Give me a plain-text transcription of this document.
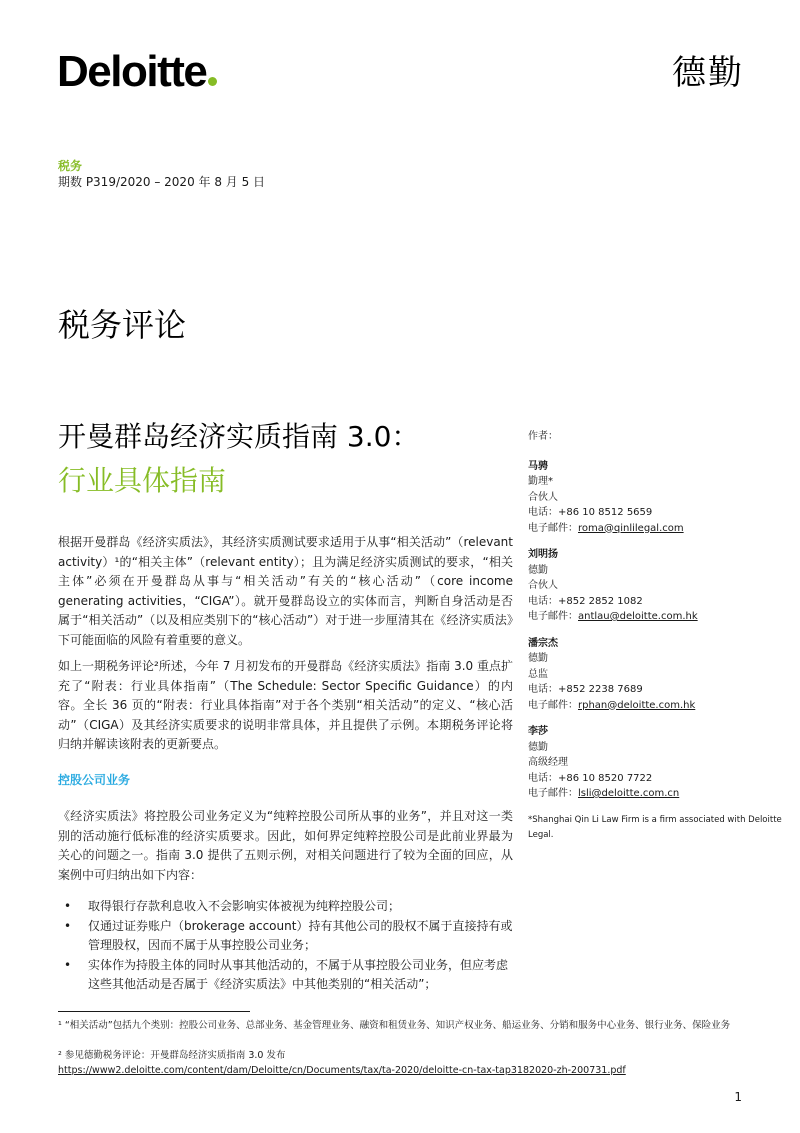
Deloitte	德勤
税务
期数 P319/2020 – 2020 年 8 月 5 日
税务评论
开曼群岛经济实质指南 3.0：
行业具体指南
根据开曼群岛《经济实质法》，其经济实质测试要求适用于从事“相关活动”（relevant activity）¹的“相关主体”（relevant entity）；且为满足经济实质测试的要求，“相关主体”必须在开曼群岛从事与“相关活动”有关的“核心活动”（core income generating activities，“CIGA”）。就开曼群岛设立的实体而言，判断自身活动是否属于“相关活动”（以及相应类别下的“核心活动”）对于进一步厘清其在《经济实质法》下可能面临的风险有着重要的意义。
如上一期税务评论²所述，今年 7 月初发布的开曼群岛《经济实质法》指南 3.0 重点扩充了“附表：行业具体指南”（The Schedule: Sector Specific Guidance）的内容。全长 36 页的“附表：行业具体指南”对于各个类别“相关活动”的定义、“核心活动”（CIGA）及其经济实质要求的说明非常具体，并且提供了示例。本期税务评论将归纳并解读该附表的更新要点。
控股公司业务
《经济实质法》将控股公司业务定义为“纯粹控股公司所从事的业务”，并且对这一类别的活动施行低标准的经济实质要求。因此，如何界定纯粹控股公司是此前业界最为关心的问题之一。指南 3.0 提供了五则示例，对相关问题进行了较为全面的回应，从案例中可归纳出如下内容：
• 取得银行存款利息收入不会影响实体被视为纯粹控股公司；
• 仅通过证券账户（brokerage account）持有其他公司的股权不属于直接持有或管理股权，因而不属于从事控股公司业务；
• 实体作为持股主体的同时从事其他活动的，不属于从事控股公司业务，但应考虑这些其他活动是否属于《经济实质法》中其他类别的“相关活动”；
¹ “相关活动”包括九个类别：控股公司业务、总部业务、基金管理业务、融资和租赁业务、知识产权业务、船运业务、分销和服务中心业务、银行业务、保险业务
² 参见德勤税务评论：开曼群岛经济实质指南 3.0 发布
https://www2.deloitte.com/content/dam/Deloitte/cn/Documents/tax/ta-2020/deloitte-cn-tax-tap3182020-zh-200731.pdf
1
作者：
马骋
勤理*
合伙人
电话：+86 10 8512 5659
电子邮件：roma@qinlilegal.com
刘明扬
德勤
合伙人
电话：+852 2852 1082
电子邮件：antlau@deloitte.com.hk
潘宗杰
德勤
总监
电话：+852 2238 7689
电子邮件：rphan@deloitte.com.hk
李莎
德勤
高级经理
电话：+86 10 8520 7722
电子邮件：lsli@deloitte.com.cn
*Shanghai Qin Li Law Firm is a firm associated with Deloitte Legal.
